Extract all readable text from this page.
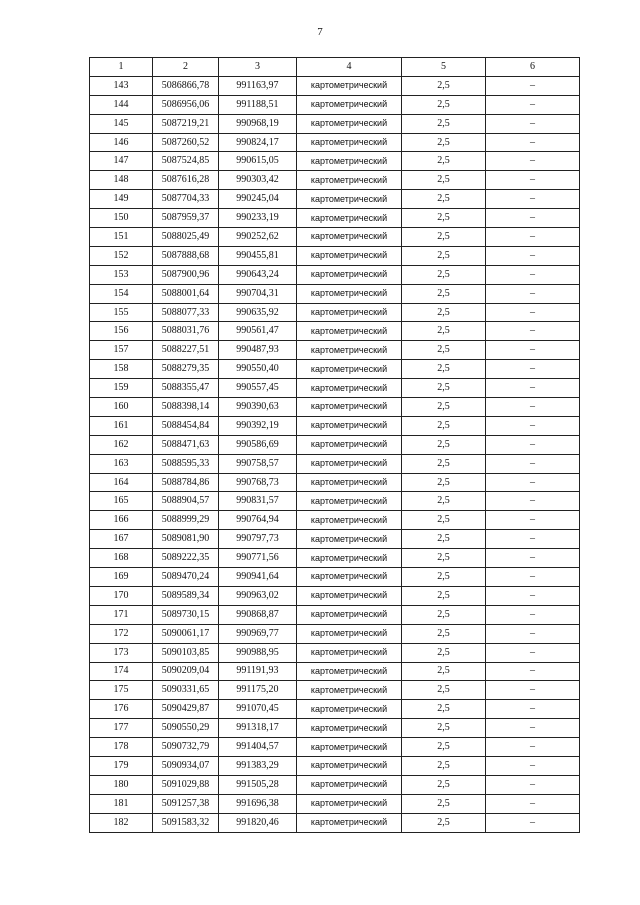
7
1	2	3	4	5	6
143	5086866,78	991163,97	картометрический	2,5	–
144	5086956,06	991188,51	картометрический	2,5	–
145	5087219,21	990968,19	картометрический	2,5	–
146	5087260,52	990824,17	картометрический	2,5	–
147	5087524,85	990615,05	картометрический	2,5	–
148	5087616,28	990303,42	картометрический	2,5	–
149	5087704,33	990245,04	картометрический	2,5	–
150	5087959,37	990233,19	картометрический	2,5	–
151	5088025,49	990252,62	картометрический	2,5	–
152	5087888,68	990455,81	картометрический	2,5	–
153	5087900,96	990643,24	картометрический	2,5	–
154	5088001,64	990704,31	картометрический	2,5	–
155	5088077,33	990635,92	картометрический	2,5	–
156	5088031,76	990561,47	картометрический	2,5	–
157	5088227,51	990487,93	картометрический	2,5	–
158	5088279,35	990550,40	картометрический	2,5	–
159	5088355,47	990557,45	картометрический	2,5	–
160	5088398,14	990390,63	картометрический	2,5	–
161	5088454,84	990392,19	картометрический	2,5	–
162	5088471,63	990586,69	картометрический	2,5	–
163	5088595,33	990758,57	картометрический	2,5	–
164	5088784,86	990768,73	картометрический	2,5	–
165	5088904,57	990831,57	картометрический	2,5	–
166	5088999,29	990764,94	картометрический	2,5	–
167	5089081,90	990797,73	картометрический	2,5	–
168	5089222,35	990771,56	картометрический	2,5	–
169	5089470,24	990941,64	картометрический	2,5	–
170	5089589,34	990963,02	картометрический	2,5	–
171	5089730,15	990868,87	картометрический	2,5	–
172	5090061,17	990969,77	картометрический	2,5	–
173	5090103,85	990988,95	картометрический	2,5	–
174	5090209,04	991191,93	картометрический	2,5	–
175	5090331,65	991175,20	картометрический	2,5	–
176	5090429,87	991070,45	картометрический	2,5	–
177	5090550,29	991318,17	картометрический	2,5	–
178	5090732,79	991404,57	картометрический	2,5	–
179	5090934,07	991383,29	картометрический	2,5	–
180	5091029,88	991505,28	картометрический	2,5	–
181	5091257,38	991696,38	картометрический	2,5	–
182	5091583,32	991820,46	картометрический	2,5	–
